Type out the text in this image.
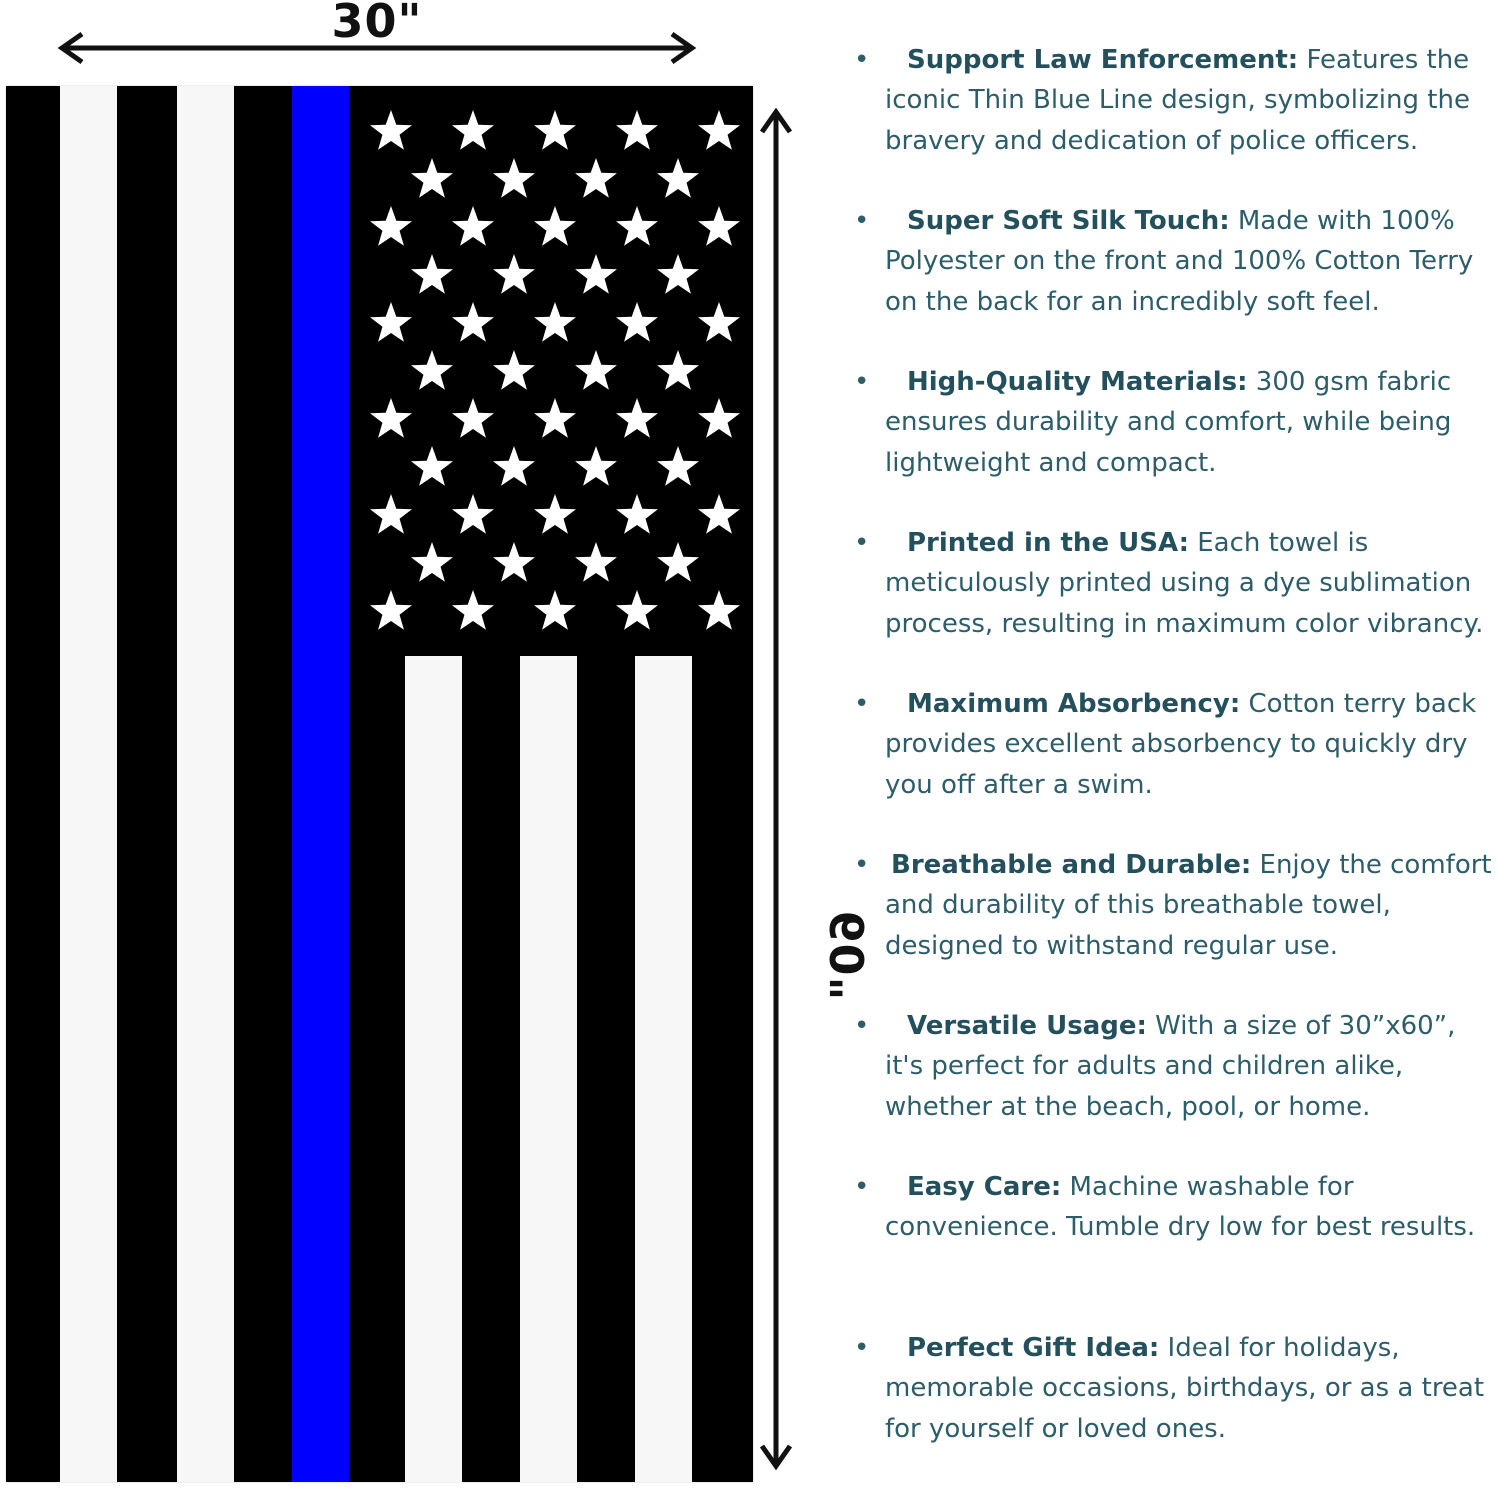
30"
60"
• Support Law Enforcement: Features the iconic Thin Blue Line design, symbolizing the bravery and dedication of police officers.
• Super Soft Silk Touch: Made with 100% Polyester on the front and 100% Cotton Terry on the back for an incredibly soft feel.
• High-Quality Materials: 300 gsm fabric ensures durability and comfort, while being lightweight and compact.
• Printed in the USA: Each towel is meticulously printed using a dye sublimation process, resulting in maximum color vibrancy.
• Maximum Absorbency: Cotton terry back provides excellent absorbency to quickly dry you off after a swim.
• Breathable and Durable: Enjoy the comfort and durability of this breathable towel, designed to withstand regular use.
• Versatile Usage: With a size of 30”x60”, it's perfect for adults and children alike, whether at the beach, pool, or home.
• Easy Care: Machine washable for convenience. Tumble dry low for best results.
• Perfect Gift Idea: Ideal for holidays, memorable occasions, birthdays, or as a treat for yourself or loved ones.
